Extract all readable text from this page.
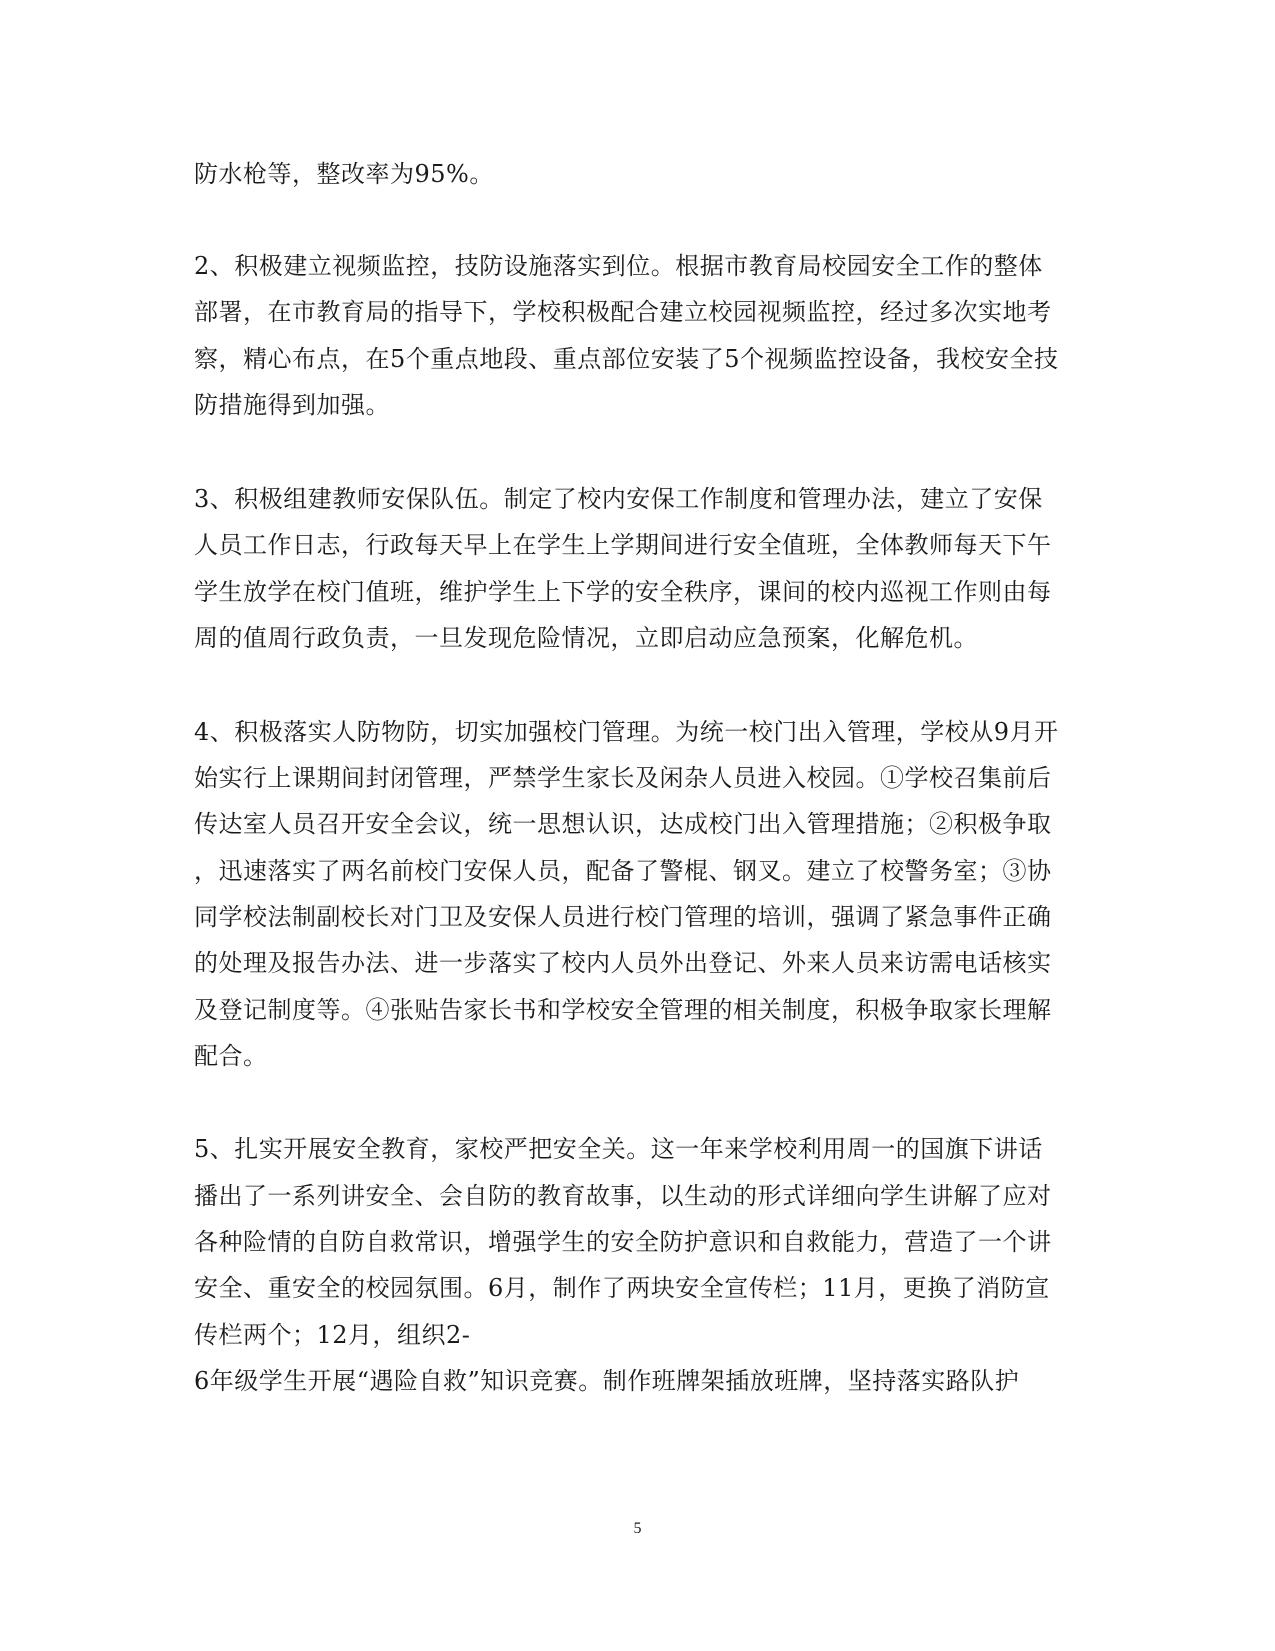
防水枪等，整改率为95%。
2、积极建立视频监控，技防设施落实到位。根据市教育局校园安全工作的整体
部署，在市教育局的指导下，学校积极配合建立校园视频监控，经过多次实地考
察，精心布点，在5个重点地段、重点部位安装了5个视频监控设备，我校安全技
防措施得到加强。
3、积极组建教师安保队伍。制定了校内安保工作制度和管理办法，建立了安保
人员工作日志，行政每天早上在学生上学期间进行安全值班，全体教师每天下午
学生放学在校门值班，维护学生上下学的安全秩序，课间的校内巡视工作则由每
周的值周行政负责，一旦发现危险情况，立即启动应急预案，化解危机。
4、积极落实人防物防，切实加强校门管理。为统一校门出入管理，学校从9月开
始实行上课期间封闭管理，严禁学生家长及闲杂人员进入校园。①学校召集前后
传达室人员召开安全会议，统一思想认识，达成校门出入管理措施；②积极争取
，迅速落实了两名前校门安保人员，配备了警棍、钢叉。建立了校警务室；③协
同学校法制副校长对门卫及安保人员进行校门管理的培训，强调了紧急事件正确
的处理及报告办法、进一步落实了校内人员外出登记、外来人员来访需电话核实
及登记制度等。④张贴告家长书和学校安全管理的相关制度，积极争取家长理解
配合。
5、扎实开展安全教育，家校严把安全关。这一年来学校利用周一的国旗下讲话
播出了一系列讲安全、会自防的教育故事，以生动的形式详细向学生讲解了应对
各种险情的自防自救常识，增强学生的安全防护意识和自救能力，营造了一个讲
安全、重安全的校园氛围。6月，制作了两块安全宣传栏；11月，更换了消防宣
传栏两个；12月，组织2-
6年级学生开展“遇险自救”知识竞赛。制作班牌架插放班牌，坚持落实路队护
5
